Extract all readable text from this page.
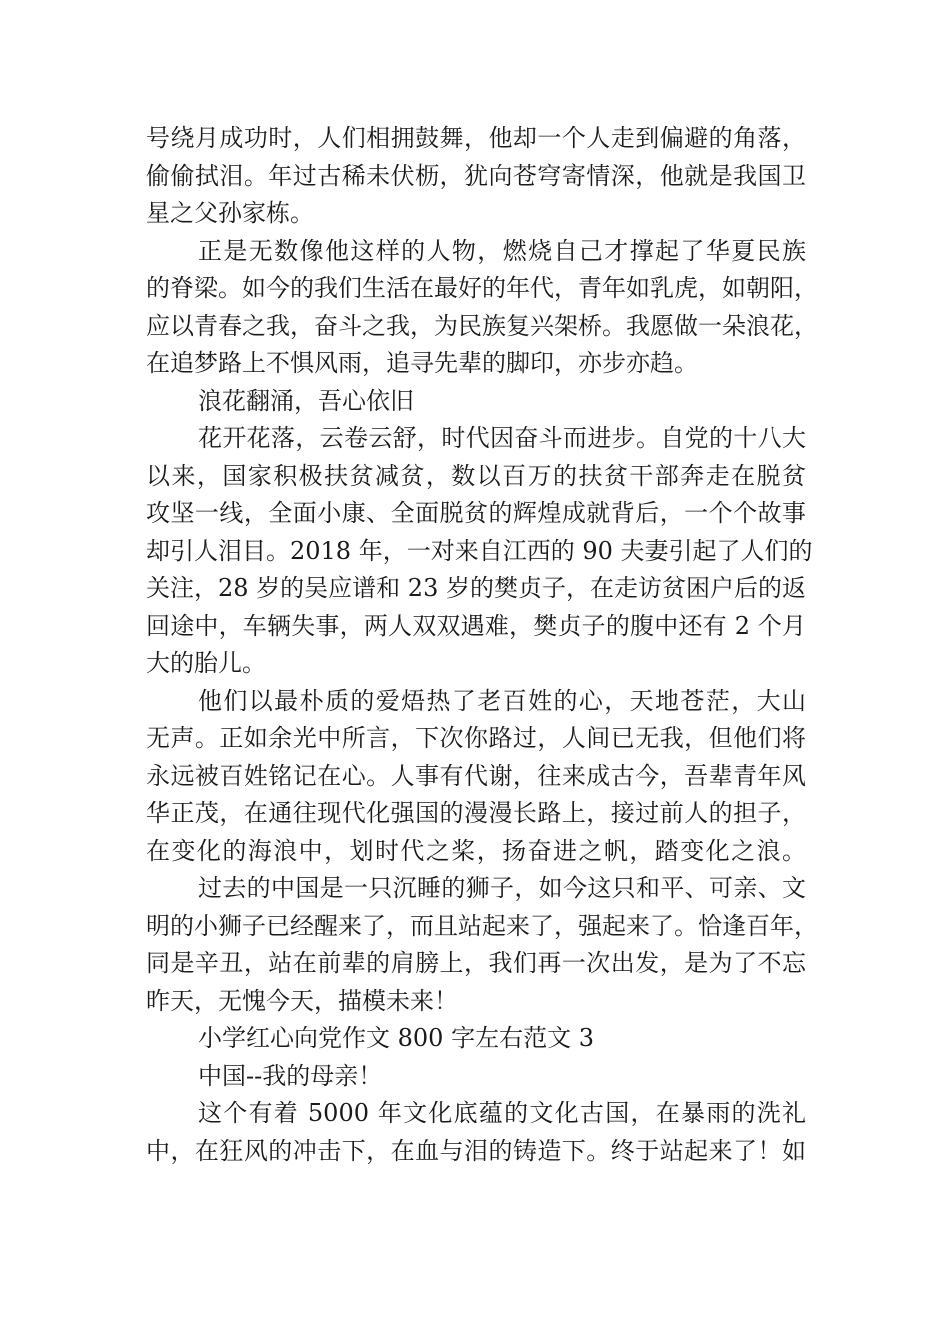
号绕月成功时，人们相拥鼓舞，他却一个人走到偏避的角落，

偷偷拭泪。年过古稀未伏枥，犹向苍穹寄情深，他就是我国卫

星之父孙家栋。

正是无数像他这样的人物，燃烧自己才撑起了华夏民族

的脊梁。如今的我们生活在最好的年代，青年如乳虎，如朝阳，

应以青春之我，奋斗之我，为民族复兴架桥。我愿做一朵浪花，

在追梦路上不惧风雨，追寻先辈的脚印，亦步亦趋。

浪花翻涌，吾心依旧

花开花落，云卷云舒，时代因奋斗而进步。自党的十八大

以来，国家积极扶贫减贫，数以百万的扶贫干部奔走在脱贫

攻坚一线，全面小康、全面脱贫的辉煌成就背后，一个个故事

却引人泪目。2018 年，一对来自江西的 90 夫妻引起了人们的

关注，28 岁的吴应谱和 23 岁的樊贞子，在走访贫困户后的返

回途中，车辆失事，两人双双遇难，樊贞子的腹中还有 2 个月

大的胎儿。

他们以最朴质的爱焐热了老百姓的心，天地苍茫，大山

无声。正如余光中所言，下次你路过，人间已无我，但他们将

永远被百姓铭记在心。人事有代谢，往来成古今，吾辈青年风

华正茂，在通往现代化强国的漫漫长路上，接过前人的担子，

在变化的海浪中，划时代之桨，扬奋进之帆，踏变化之浪。

过去的中国是一只沉睡的狮子，如今这只和平、可亲、文

明的小狮子已经醒来了，而且站起来了，强起来了。恰逢百年，

同是辛丑，站在前辈的肩膀上，我们再一次出发，是为了不忘

昨天，无愧今天，描模未来！

小学红心向党作文 800 字左右范文 3

中国--我的母亲！

这个有着 5000 年文化底蕴的文化古国，在暴雨的洗礼

中，在狂风的冲击下，在血与泪的铸造下。终于站起来了！如
